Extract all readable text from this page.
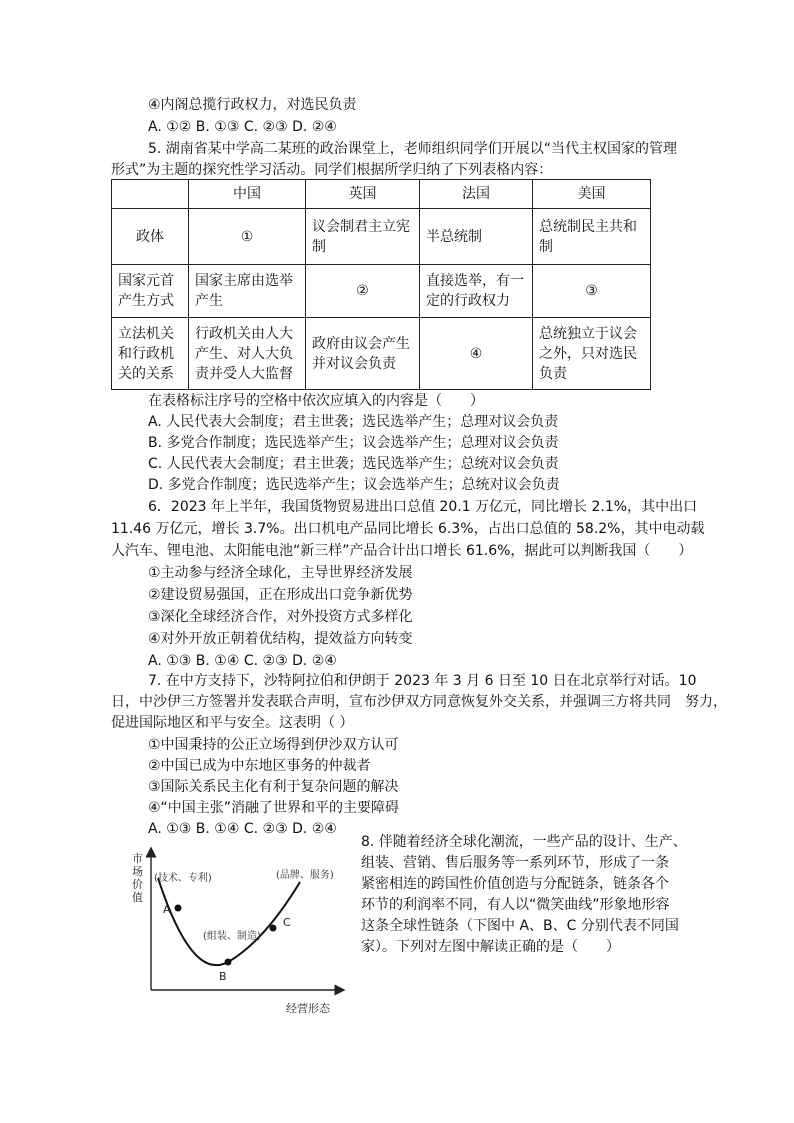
④内阁总揽行政权力，对选民负责
A. ①② B. ①③ C. ②③ D. ②④
5. 湖南省某中学高二某班的政治课堂上，老师组织同学们开展以“当代主权国家的管理
形式”为主题的探究性学习活动。同学们根据所学归纳了下列表格内容：
	中国	英国	法国	美国
政体	①	议会制君主立宪制	半总统制	总统制民主共和制
国家元首产生方式	国家主席由选举产生	②	直接选举，有一定的行政权力	③
立法机关和行政机关的关系	行政机关由人大产生、对人大负责并受人大监督	政府由议会产生并对议会负责	④	总统独立于议会之外，只对选民负责
在表格标注序号的空格中依次应填入的内容是（　　）
A. 人民代表大会制度；君主世袭；选民选举产生；总理对议会负责
B. 多党合作制度；选民选举产生；议会选举产生；总理对议会负责
C. 人民代表大会制度；君主世袭；选民选举产生；总统对议会负责
D. 多党合作制度；选民选举产生；议会选举产生；总统对议会负责
6．2023 年上半年，我国货物贸易进出口总值 20.1 万亿元，同比增长 2.1%，其中出口
11.46 万亿元，增长 3.7%。出口机电产品同比增长 6.3%，占出口总值的 58.2%，其中电动载
人汽车、锂电池、太阳能电池“新三样”产品合计出口增长 61.6%，据此可以判断我国（　　）
①主动参与经济全球化，主导世界经济发展
②建设贸易强国，正在形成出口竞争新优势
③深化全球经济合作，对外投资方式多样化
④对外开放正朝着优结构，提效益方向转变
A. ①③ B. ①④ C. ②③ D. ②④
7. 在中方支持下，沙特阿拉伯和伊朗于 2023 年 3 月 6 日至 10 日在北京举行对话。10
日，中沙伊三方签署并发表联合声明，宣布沙伊双方同意恢复外交关系，并强调三方将共同　努力，
促进国际地区和平与安全。这表明（ ）
①中国秉持的公正立场得到伊沙双方认可
②中国已成为中东地区事务的仲裁者
③国际关系民主化有利于复杂问题的解决
④“中国主张”消融了世界和平的主要障碍
A. ①③ B. ①④ C. ②③ D. ②④
市
场
价
值
经营形态
(技术、专利)
(组装、制造)
(品牌、服务)
A
B
C
8. 伴随着经济全球化潮流，一些产品的设计、生产、
组装、营销、售后服务等一系列环节，形成了一条
紧密相连的跨国性价值创造与分配链条，链条各个
环节的利润率不同，有人以“微笑曲线”形象地形容
这条全球性链条（下图中 A、B、C 分别代表不同国
家）。下列对左图中解读正确的是（　　）
